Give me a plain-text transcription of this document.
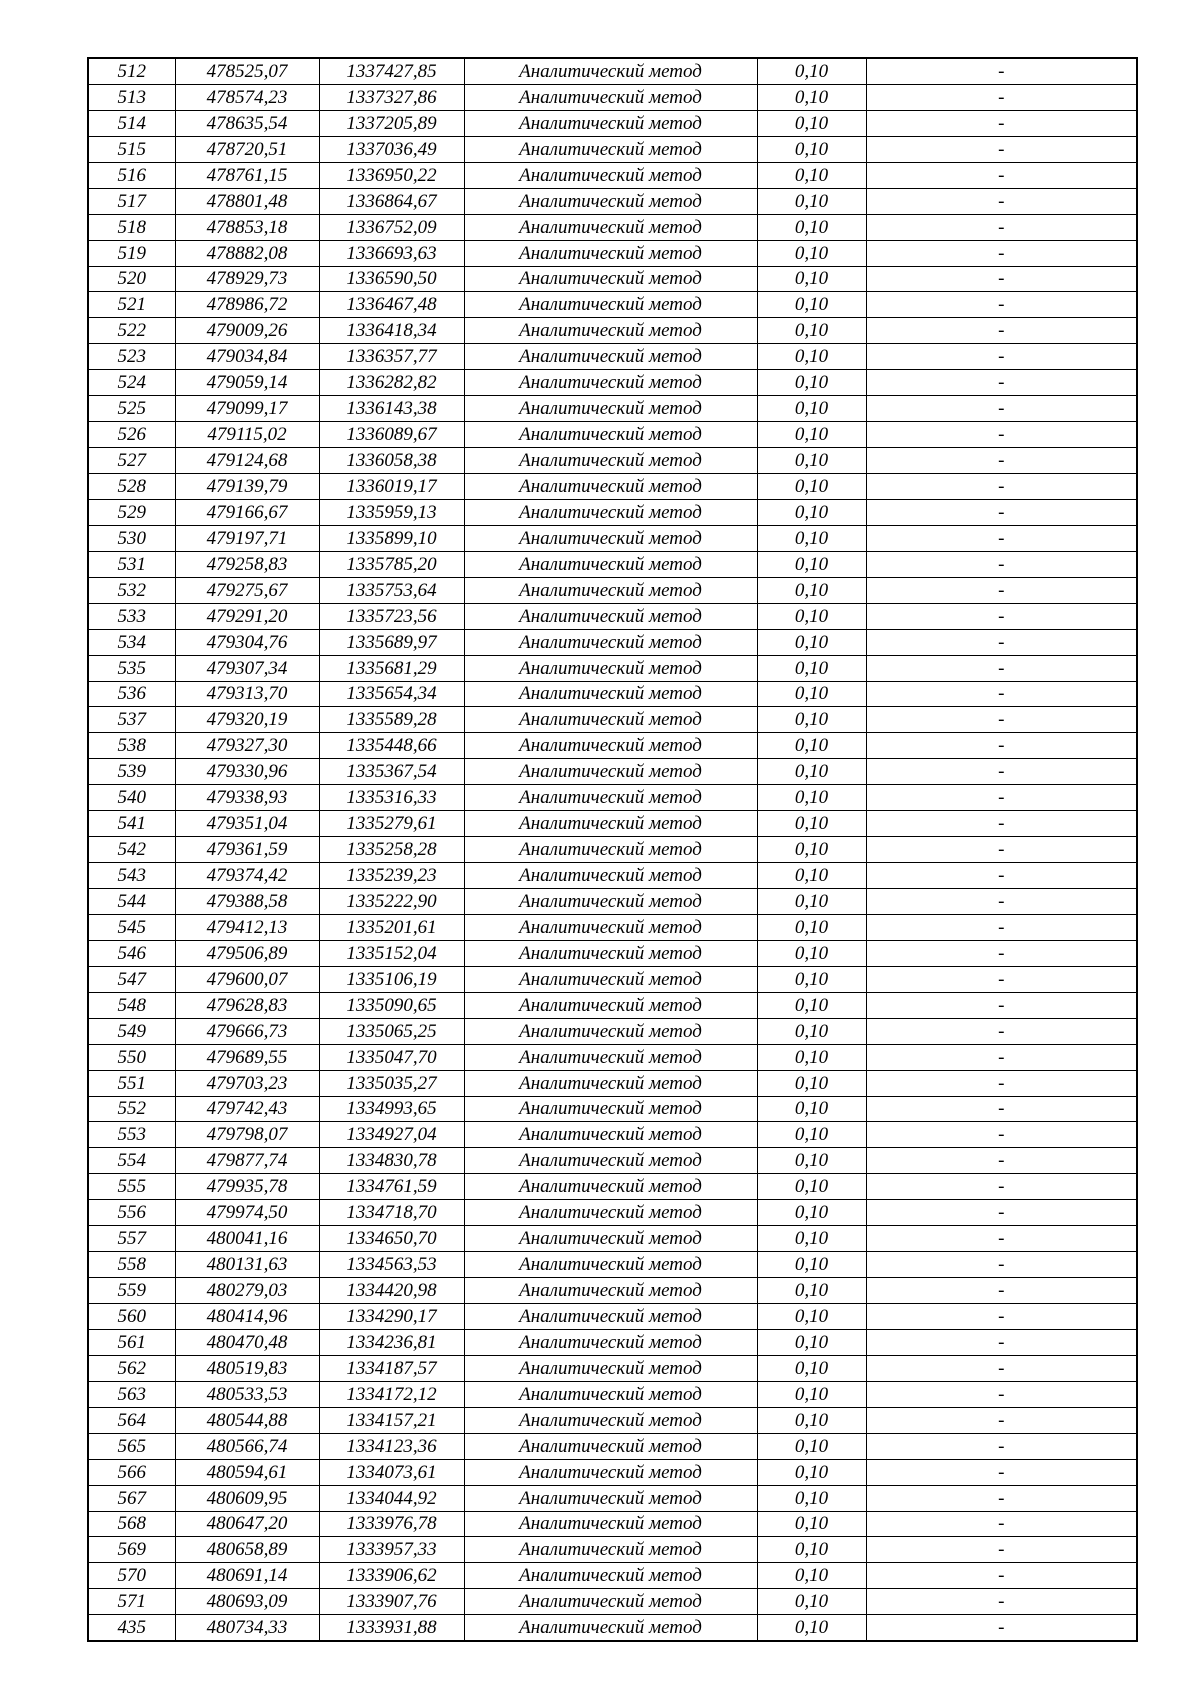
512	478525,07	1337427,85	Аналитический метод	0,10	-
513	478574,23	1337327,86	Аналитический метод	0,10	-
514	478635,54	1337205,89	Аналитический метод	0,10	-
515	478720,51	1337036,49	Аналитический метод	0,10	-
516	478761,15	1336950,22	Аналитический метод	0,10	-
517	478801,48	1336864,67	Аналитический метод	0,10	-
518	478853,18	1336752,09	Аналитический метод	0,10	-
519	478882,08	1336693,63	Аналитический метод	0,10	-
520	478929,73	1336590,50	Аналитический метод	0,10	-
521	478986,72	1336467,48	Аналитический метод	0,10	-
522	479009,26	1336418,34	Аналитический метод	0,10	-
523	479034,84	1336357,77	Аналитический метод	0,10	-
524	479059,14	1336282,82	Аналитический метод	0,10	-
525	479099,17	1336143,38	Аналитический метод	0,10	-
526	479115,02	1336089,67	Аналитический метод	0,10	-
527	479124,68	1336058,38	Аналитический метод	0,10	-
528	479139,79	1336019,17	Аналитический метод	0,10	-
529	479166,67	1335959,13	Аналитический метод	0,10	-
530	479197,71	1335899,10	Аналитический метод	0,10	-
531	479258,83	1335785,20	Аналитический метод	0,10	-
532	479275,67	1335753,64	Аналитический метод	0,10	-
533	479291,20	1335723,56	Аналитический метод	0,10	-
534	479304,76	1335689,97	Аналитический метод	0,10	-
535	479307,34	1335681,29	Аналитический метод	0,10	-
536	479313,70	1335654,34	Аналитический метод	0,10	-
537	479320,19	1335589,28	Аналитический метод	0,10	-
538	479327,30	1335448,66	Аналитический метод	0,10	-
539	479330,96	1335367,54	Аналитический метод	0,10	-
540	479338,93	1335316,33	Аналитический метод	0,10	-
541	479351,04	1335279,61	Аналитический метод	0,10	-
542	479361,59	1335258,28	Аналитический метод	0,10	-
543	479374,42	1335239,23	Аналитический метод	0,10	-
544	479388,58	1335222,90	Аналитический метод	0,10	-
545	479412,13	1335201,61	Аналитический метод	0,10	-
546	479506,89	1335152,04	Аналитический метод	0,10	-
547	479600,07	1335106,19	Аналитический метод	0,10	-
548	479628,83	1335090,65	Аналитический метод	0,10	-
549	479666,73	1335065,25	Аналитический метод	0,10	-
550	479689,55	1335047,70	Аналитический метод	0,10	-
551	479703,23	1335035,27	Аналитический метод	0,10	-
552	479742,43	1334993,65	Аналитический метод	0,10	-
553	479798,07	1334927,04	Аналитический метод	0,10	-
554	479877,74	1334830,78	Аналитический метод	0,10	-
555	479935,78	1334761,59	Аналитический метод	0,10	-
556	479974,50	1334718,70	Аналитический метод	0,10	-
557	480041,16	1334650,70	Аналитический метод	0,10	-
558	480131,63	1334563,53	Аналитический метод	0,10	-
559	480279,03	1334420,98	Аналитический метод	0,10	-
560	480414,96	1334290,17	Аналитический метод	0,10	-
561	480470,48	1334236,81	Аналитический метод	0,10	-
562	480519,83	1334187,57	Аналитический метод	0,10	-
563	480533,53	1334172,12	Аналитический метод	0,10	-
564	480544,88	1334157,21	Аналитический метод	0,10	-
565	480566,74	1334123,36	Аналитический метод	0,10	-
566	480594,61	1334073,61	Аналитический метод	0,10	-
567	480609,95	1334044,92	Аналитический метод	0,10	-
568	480647,20	1333976,78	Аналитический метод	0,10	-
569	480658,89	1333957,33	Аналитический метод	0,10	-
570	480691,14	1333906,62	Аналитический метод	0,10	-
571	480693,09	1333907,76	Аналитический метод	0,10	-
435	480734,33	1333931,88	Аналитический метод	0,10	-
